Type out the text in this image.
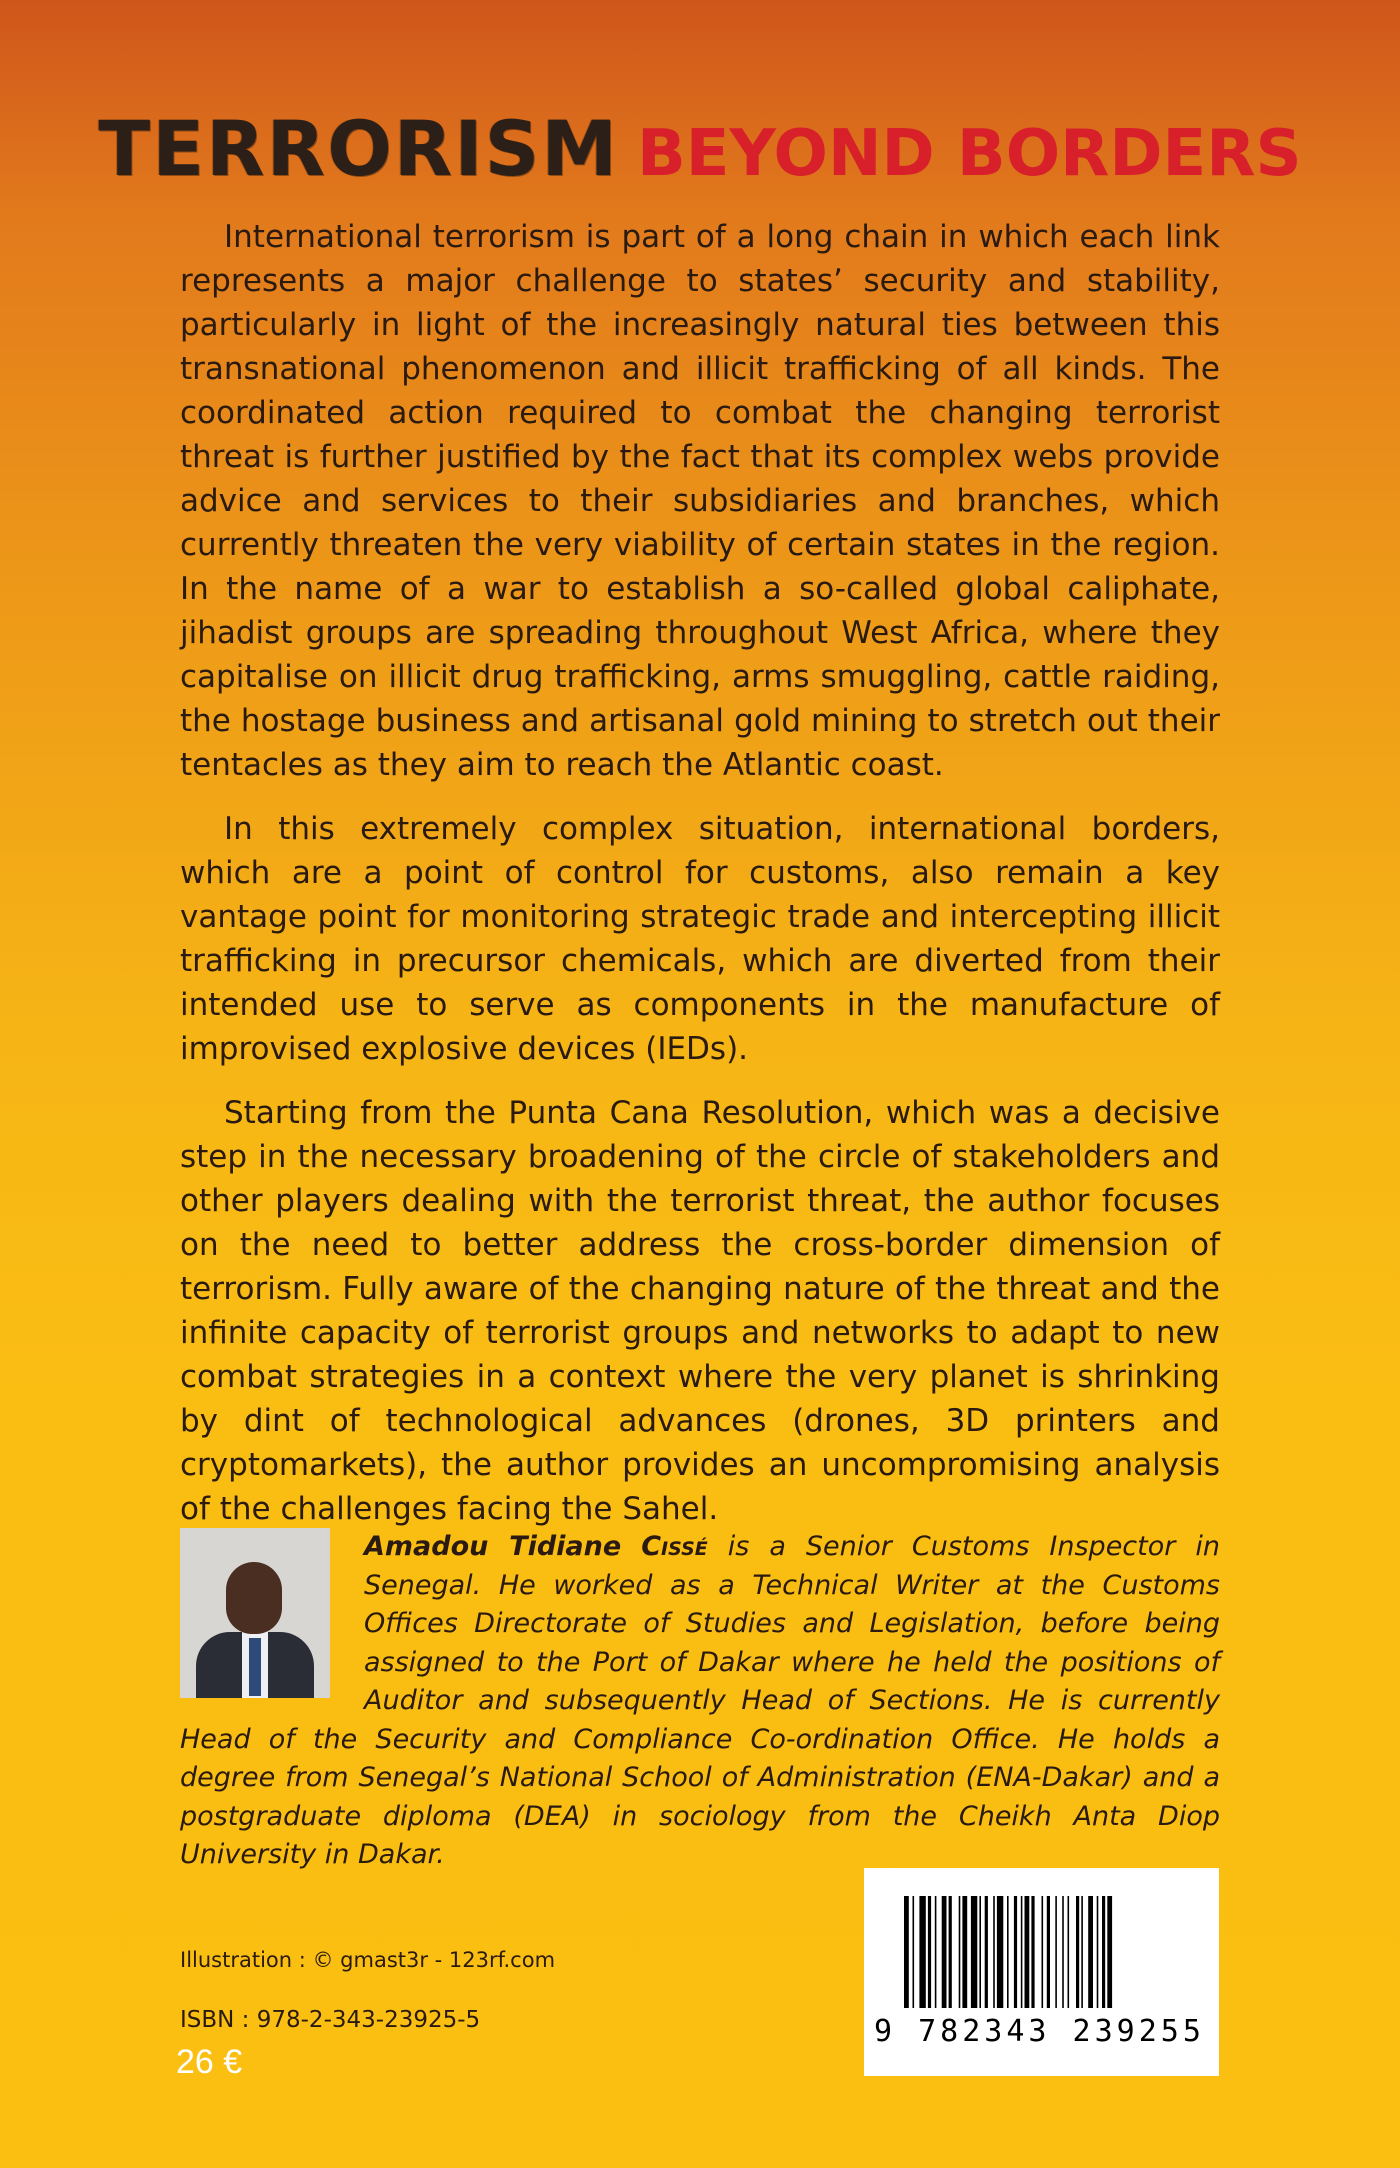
TERRORISM BEYOND BORDERS

International terrorism is part of a long chain in which each link represents a major challenge to states’ security and stability, particularly in light of the increasingly natural ties between this transnational phenomenon and illicit trafficking of all kinds. The coordinated action required to combat the changing terrorist threat is further justified by the fact that its complex webs provide advice and services to their subsidiaries and branches, which currently threaten the very viability of certain states in the region. In the name of a war to establish a so-called global caliphate, jihadist groups are spreading throughout West Africa, where they capitalise on illicit drug trafficking, arms smuggling, cattle raiding, the hostage business and artisanal gold mining to stretch out their tentacles as they aim to reach the Atlantic coast.

In this extremely complex situation, international borders, which are a point of control for customs, also remain a key vantage point for monitoring strategic trade and intercepting illicit trafficking in precursor chemicals, which are diverted from their intended use to serve as components in the manufacture of improvised explosive devices (IEDs).

Starting from the Punta Cana Resolution, which was a decisive step in the necessary broadening of the circle of stakeholders and other players dealing with the terrorist threat, the author focuses on the need to better address the cross-border dimension of terrorism. Fully aware of the changing nature of the threat and the infinite capacity of terrorist groups and networks to adapt to new combat strategies in a context where the very planet is shrinking by dint of technological advances (drones, 3D printers and cryptomarkets), the author provides an uncompromising analysis of the challenges facing the Sahel.

Amadou Tidiane Cissé is a Senior Customs Inspector in Senegal. He worked as a Technical Writer at the Customs Offices Directorate of Studies and Legislation, before being assigned to the Port of Dakar where he held the positions of Auditor and subsequently Head of Sections. He is currently Head of the Security and Compliance Co-ordination Office. He holds a degree from Senegal’s National School of Administration (ENA-Dakar) and a postgraduate diploma (DEA) in sociology from the Cheikh Anta Diop University in Dakar.
Illustration : © gmast3r - 123rf.com
ISBN : 978-2-343-23925-5
26 €
9 782343 239255
